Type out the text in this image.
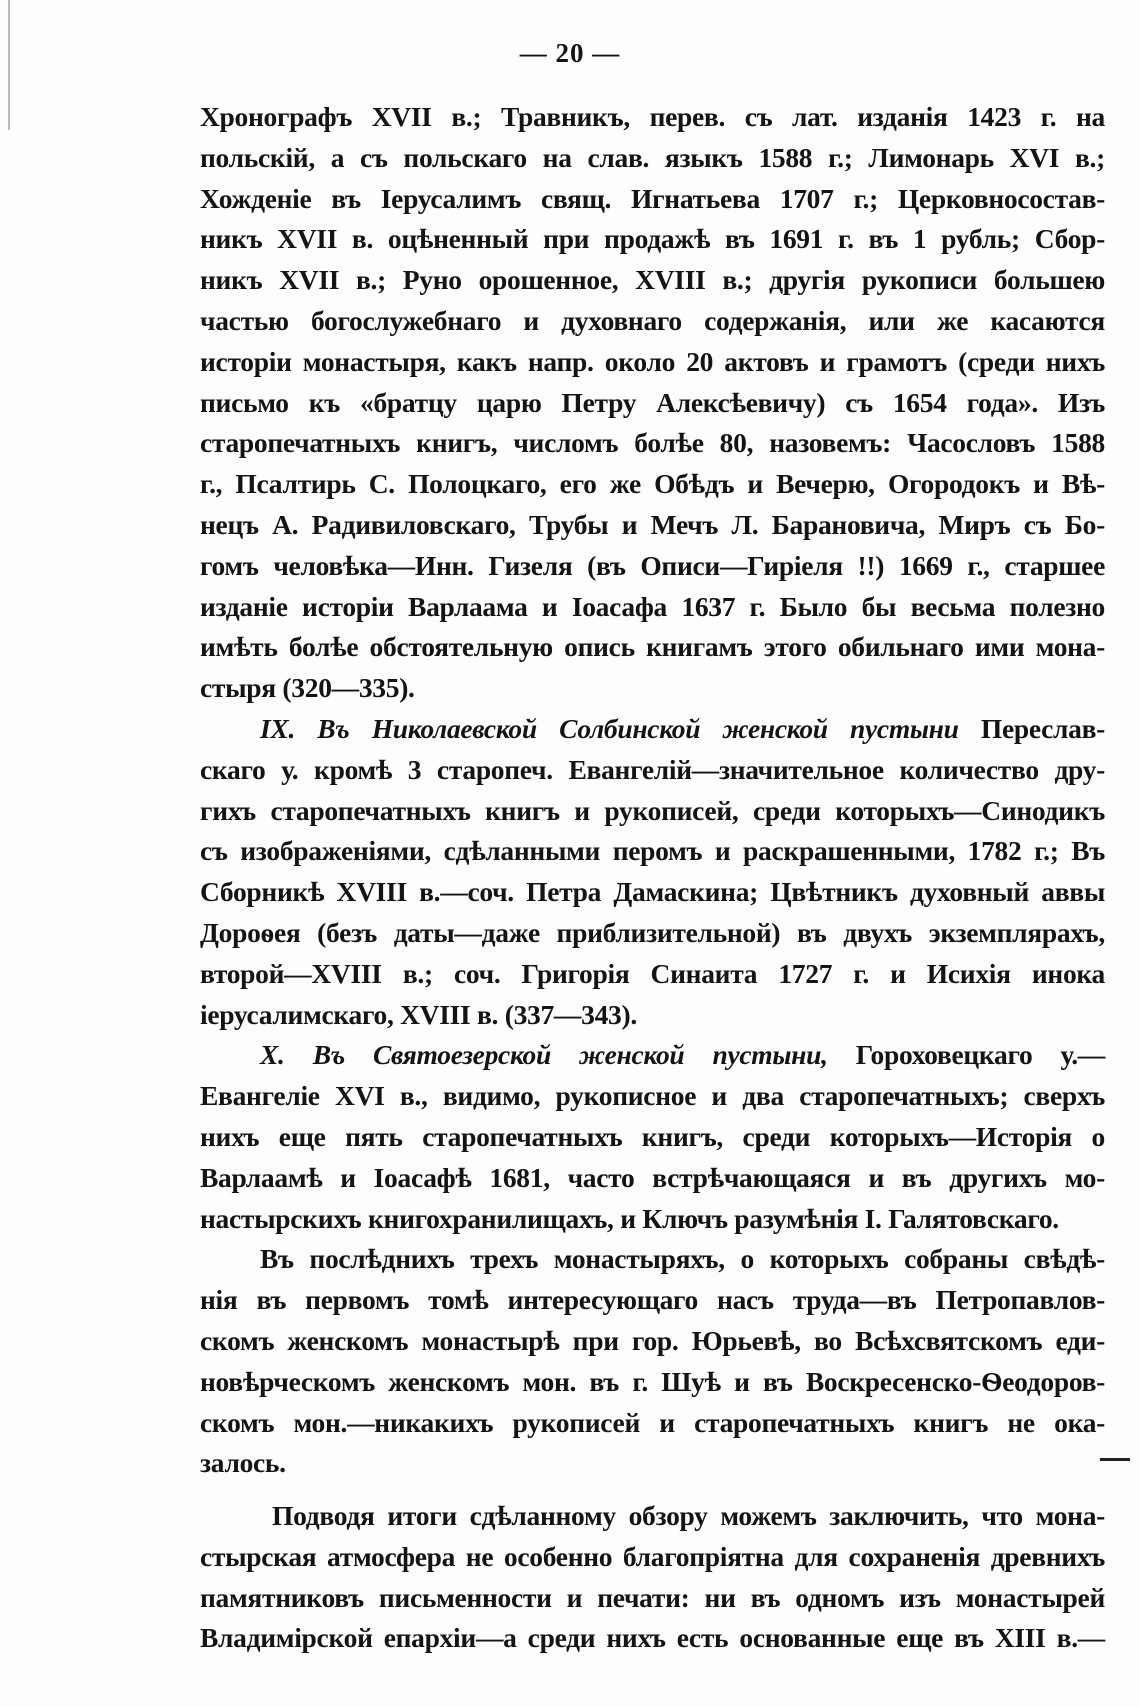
— 20 —
Хронографъ XVII в.; Травникъ, перев. съ лат. изданія 1423 г. на
польскій, а съ польскаго на слав. языкъ 1588 г.; Лимонарь XVI в.;
Хожденіе въ Іерусалимъ свящ. Игнатьева 1707 г.; Церковносостав-
никъ XVII в. оцѣненный при продажѣ въ 1691 г. въ 1 рубль; Сбор-
никъ XVII в.; Руно орошенное, XVIII в.; другія рукописи большею
частью богослужебнаго и духовнаго содержанія, или же касаются
исторіи монастыря, какъ напр. около 20 актовъ и грамотъ (среди нихъ
письмо къ «братцу царю Петру Алексѣевичу) съ 1654 года». Изъ
старопечатныхъ книгъ, числомъ болѣе 80, назовемъ: Часословъ 1588
г., Псалтирь С. Полоцкаго, его же Обѣдъ и Вечерю, Огородокъ и Вѣ-
нецъ А. Радивиловскаго, Трубы и Мечъ Л. Барановича, Миръ съ Бо-
гомъ человѣка—Инн. Гизеля (въ Описи—Гиріеля !!) 1669 г., старшее
изданіе исторіи Варлаама и Іоасафа 1637 г. Было бы весьма полезно
имѣть болѣе обстоятельную опись книгамъ этого обильнаго ими мона-
стыря (320—335).
IX. Въ Николаевской Солбинской женской пустыни Переслав-
скаго у. кромѣ 3 старопеч. Евангелій—значительное количество дру-
гихъ старопечатныхъ книгъ и рукописей, среди которыхъ—Синодикъ
съ изображеніями, сдѣланными перомъ и раскрашенными, 1782 г.; Въ
Сборникѣ XVIII в.—соч. Петра Дамаскина; Цвѣтникъ духовный аввы
Дороѳея (безъ даты—даже приблизительной) въ двухъ экземплярахъ,
второй—XVIII в.; соч. Григорія Синаита 1727 г. и Исихія инока
іерусалимскаго, XVIII в. (337—343).
X. Въ Святоезерской женской пустыни, Гороховецкаго у.—
Евангеліе XVI в., видимо, рукописное и два старопечатныхъ; сверхъ
нихъ еще пять старопечатныхъ книгъ, среди которыхъ—Исторія о
Варлаамѣ и Іоасафѣ 1681, часто встрѣчающаяся и въ другихъ мо-
настырскихъ книгохранилищахъ, и Ключъ разумѣнія І. Галятовскаго.
Въ послѣднихъ трехъ монастыряхъ, о которыхъ собраны свѣдѣ-
нія въ первомъ томѣ интересующаго насъ труда—въ Петропавлов-
скомъ женскомъ монастырѣ при гор. Юрьевѣ, во Всѣхсвятскомъ еди-
новѣрческомъ женскомъ мон. въ г. Шуѣ и въ Воскресенско-Ѳеодоров-
скомъ мон.—никакихъ рукописей и старопечатныхъ книгъ не ока-
залось.
Подводя итоги сдѣланному обзору можемъ заключить, что мона-
стырская атмосфера не особенно благопріятна для сохраненія древнихъ
памятниковъ письменности и печати: ни въ одномъ изъ монастырей
Владимірской епархіи—а среди нихъ есть основанные еще въ XIII в.—
